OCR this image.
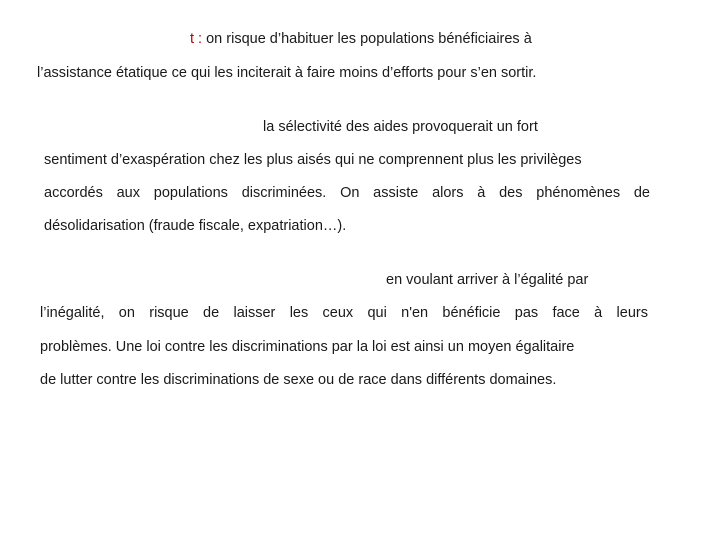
t : on risque d’habituer les populations bénéficiaires à
l’assistance étatique ce qui les inciterait à faire moins d’efforts pour s’en sortir.
la sélectivité des aides provoquerait un fort
sentiment d’exaspération chez les plus aisés qui ne comprennent plus les privilèges
accordés aux populations discriminées. On assiste alors à des phénomènes de
désolidarisation (fraude fiscale, expatriation…).
en voulant arriver à l’égalité par
l’inégalité, on risque de laisser les ceux qui n'en bénéficie pas face à leurs
problèmes. Une loi contre les discriminations par la loi est ainsi un moyen égalitaire
de lutter contre les discriminations de sexe ou de race dans différents domaines.
